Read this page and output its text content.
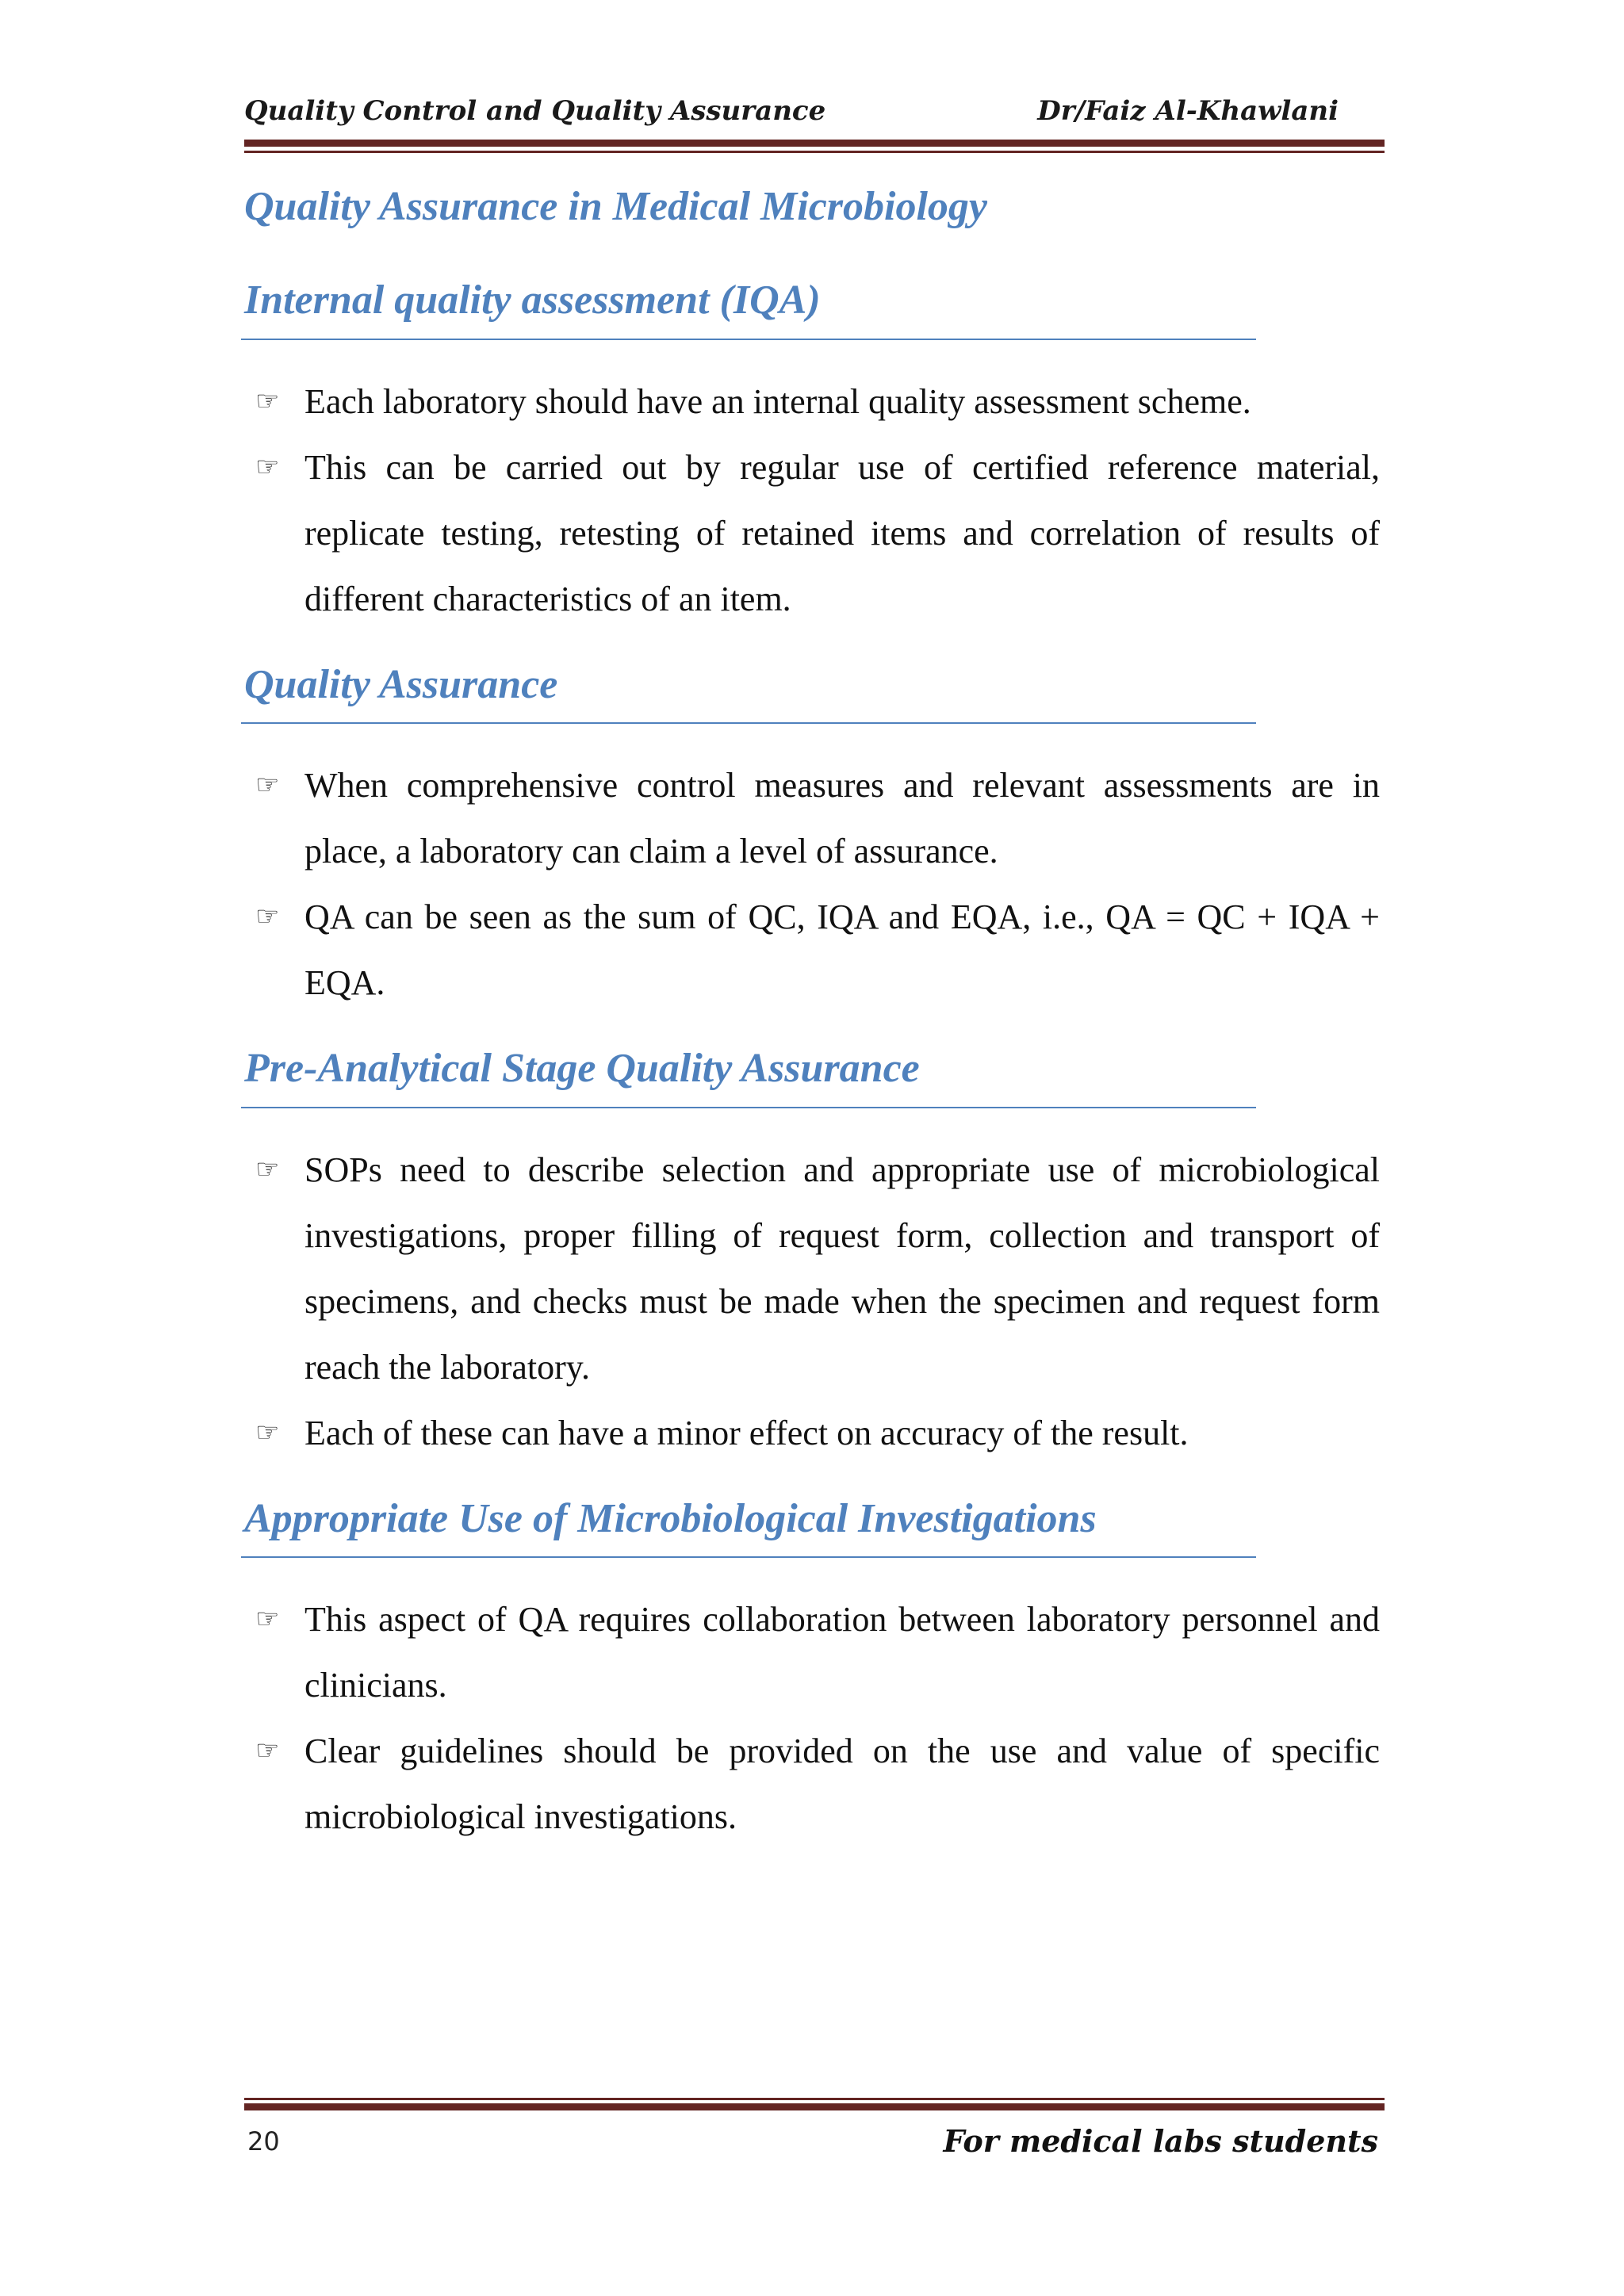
Quality Control and Quality Assurance	Dr/Faiz Al-Khawlani
Quality Assurance in Medical Microbiology
Internal quality assessment (IQA)
☞ Each laboratory should have an internal quality assessment scheme.
☞ This can be carried out by regular use of certified reference material, replicate testing, retesting of retained items and correlation of results of different characteristics of an item.
Quality Assurance
☞ When comprehensive control measures and relevant assessments are in place, a laboratory can claim a level of assurance.
☞ QA can be seen as the sum of QC, IQA and EQA, i.e., QA = QC + IQA + EQA.
Pre-Analytical Stage Quality Assurance
☞ SOPs need to describe selection and appropriate use of microbiological investigations, proper filling of request form, collection and transport of specimens, and checks must be made when the specimen and request form reach the laboratory.
☞ Each of these can have a minor effect on accuracy of the result.
Appropriate Use of Microbiological Investigations
☞ This aspect of QA requires collaboration between laboratory personnel and clinicians.
☞ Clear guidelines should be provided on the use and value of specific microbiological investigations.
20	For medical labs students
